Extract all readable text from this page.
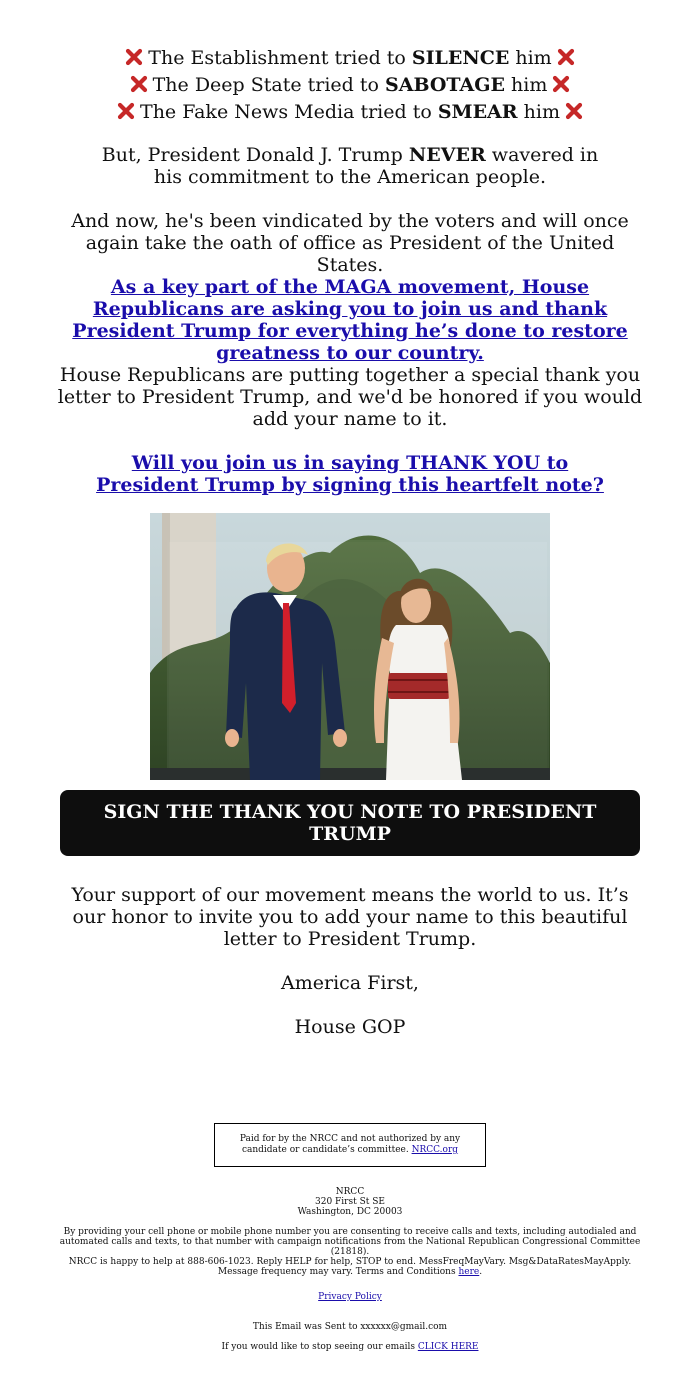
The Establishment tried to SILENCE him
The Deep State tried to SABOTAGE him
The Fake News Media tried to SMEAR him
But, President Donald J. Trump NEVER wavered in his commitment to the American people.
And now, he's been vindicated by the voters and will once again take the oath of office as President of the United States.
As a key part of the MAGA movement, House Republicans are asking you to join us and thank President Trump for everything he’s done to restore greatness to our country.
House Republicans are putting together a special thank you letter to President Trump, and we'd be honored if you would add your name to it.
Will you join us in saying THANK YOU to President Trump by signing this heartfelt note?
SIGN THE THANK YOU NOTE TO PRESIDENT TRUMP
Your support of our movement means the world to us. It’s our honor to invite you to add your name to this beautiful letter to President Trump.
America First,
House GOP
Paid for by the NRCC and not authorized by any candidate or candidate’s committee. NRCC.org
NRCC
320 First St SE
Washington, DC 20003
By providing your cell phone or mobile phone number you are consenting to receive calls and texts, including autodialed and automated calls and texts, to that number with campaign notifications from the National Republican Congressional Committee (21818).
NRCC is happy to help at 888-606-1023. Reply HELP for help, STOP to end. MessFreqMayVary. Msg&DataRatesMayApply. Message frequency may vary. Terms and Conditions here.
Privacy Policy
This Email was Sent to xxxxxx@gmail.com
If you would like to stop seeing our emails CLICK HERE
